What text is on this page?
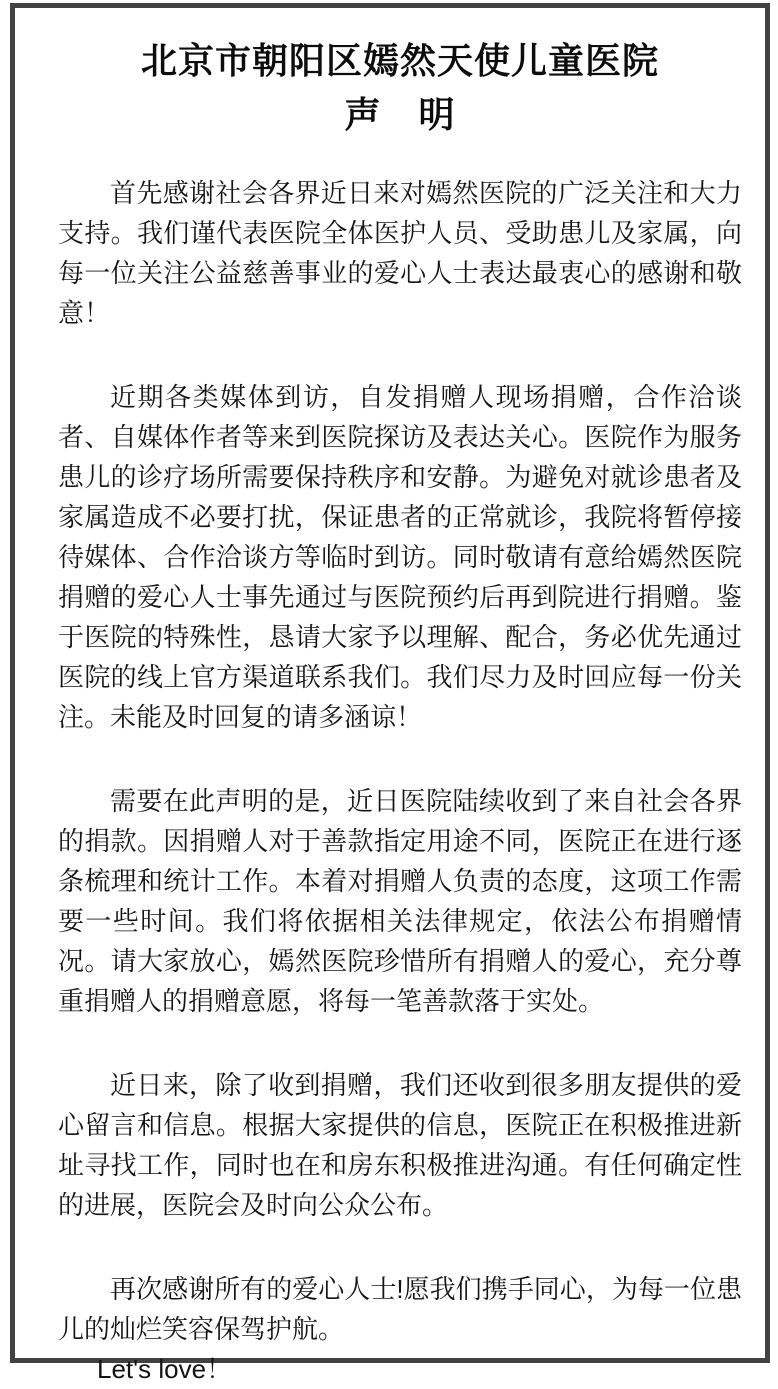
北京市朝阳区嫣然天使儿童医院
声　明

首先感谢社会各界近日来对嫣然医院的广泛关注和大力支持。我们谨代表医院全体医护人员、受助患儿及家属，向每一位关注公益慈善事业的爱心人士表达最衷心的感谢和敬意！

近期各类媒体到访，自发捐赠人现场捐赠，合作洽谈者、自媒体作者等来到医院探访及表达关心。医院作为服务患儿的诊疗场所需要保持秩序和安静。为避免对就诊患者及家属造成不必要打扰，保证患者的正常就诊，我院将暂停接待媒体、合作洽谈方等临时到访。同时敬请有意给嫣然医院捐赠的爱心人士事先通过与医院预约后再到院进行捐赠。鉴于医院的特殊性，恳请大家予以理解、配合，务必优先通过医院的线上官方渠道联系我们。我们尽力及时回应每一份关注。未能及时回复的请多涵谅！

需要在此声明的是，近日医院陆续收到了来自社会各界的捐款。因捐赠人对于善款指定用途不同，医院正在进行逐条梳理和统计工作。本着对捐赠人负责的态度，这项工作需要一些时间。我们将依据相关法律规定，依法公布捐赠情况。请大家放心，嫣然医院珍惜所有捐赠人的爱心，充分尊重捐赠人的捐赠意愿，将每一笔善款落于实处。

近日来，除了收到捐赠，我们还收到很多朋友提供的爱心留言和信息。根据大家提供的信息，医院正在积极推进新址寻找工作，同时也在和房东积极推进沟通。有任何确定性的进展，医院会及时向公众公布。

再次感谢所有的爱心人士!愿我们携手同心，为每一位患儿的灿烂笑容保驾护航。

Let's love！
